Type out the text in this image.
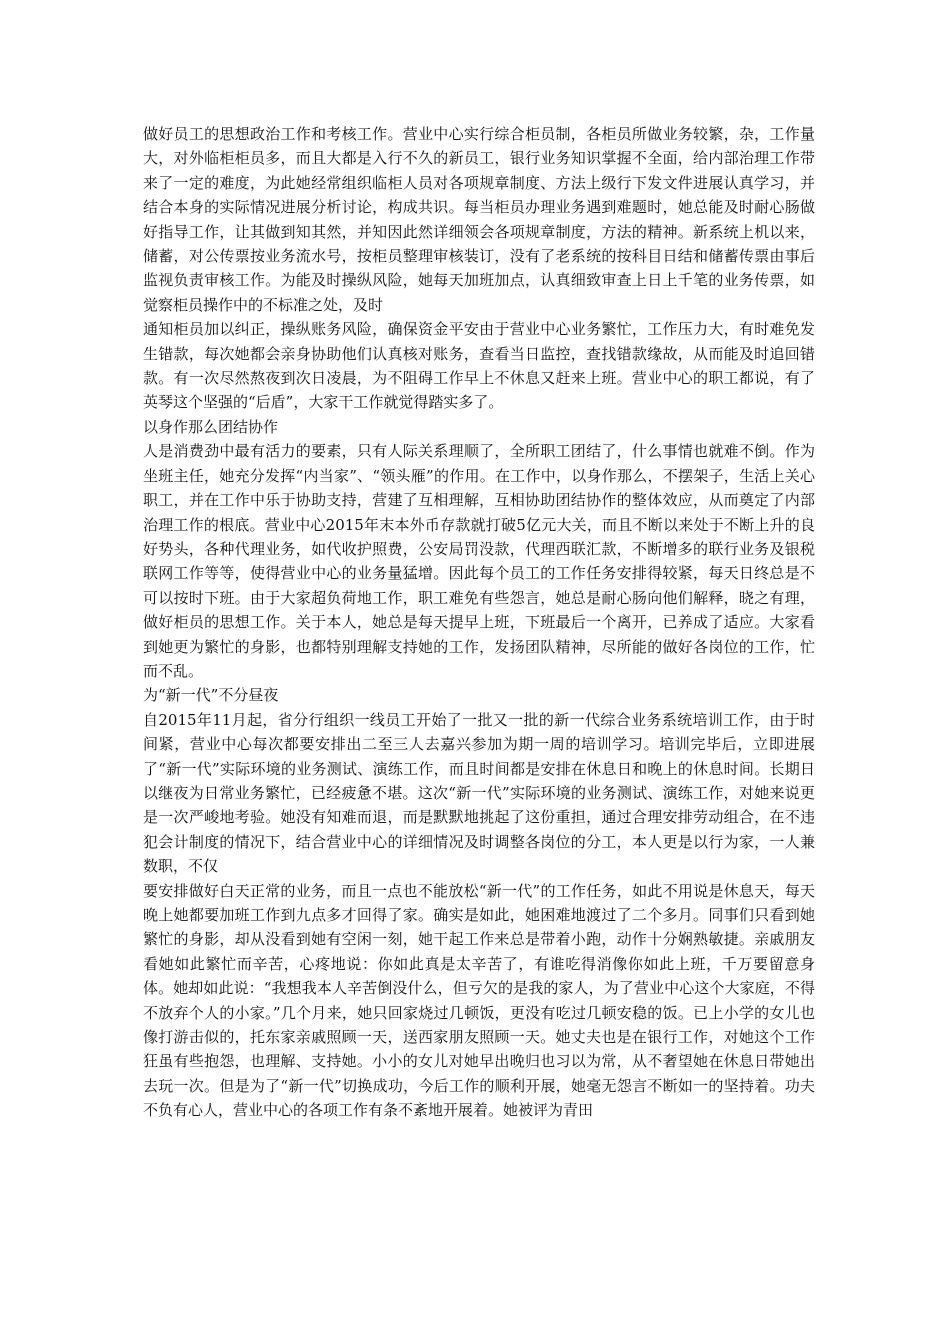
做好员工的思想政治工作和考核工作。营业中心实行综合柜员制，各柜员所做业务较繁，杂，工作量大，对外临柜柜员多，而且大都是入行不久的新员工，银行业务知识掌握不全面，给内部治理工作带来了一定的难度，为此她经常组织临柜人员对各项规章制度、方法上级行下发文件进展认真学习，并结合本身的实际情况进展分析讨论，构成共识。每当柜员办理业务遇到难题时，她总能及时耐心肠做好指导工作，让其做到知其然，并知因此然详细领会各项规章制度，方法的精神。新系统上机以来，储蓄，对公传票按业务流水号，按柜员整理审核装订，没有了老系统的按科目日结和储蓄传票由事后监视负责审核工作。为能及时操纵风险，她每天加班加点，认真细致审查上日上千笔的业务传票，如觉察柜员操作中的不标准之处，及时

通知柜员加以纠正，操纵账务风险，确保资金平安由于营业中心业务繁忙，工作压力大，有时难免发生错款，每次她都会亲身协助他们认真核对账务，查看当日监控，查找错款缘故，从而能及时追回错款。有一次尽然熬夜到次日凌晨，为不阻碍工作早上不休息又赶来上班。营业中心的职工都说，有了英琴这个坚强的“后盾”，大家干工作就觉得踏实多了。

以身作那么团结协作

人是消费劲中最有活力的要素，只有人际关系理顺了，全所职工团结了，什么事情也就难不倒。作为坐班主任，她充分发挥“内当家”、“领头雁”的作用。在工作中，以身作那么，不摆架子，生活上关心职工，并在工作中乐于协助支持，营建了互相理解，互相协助团结协作的整体效应，从而奠定了内部治理工作的根底。营业中心2015年末本外币存款就打破5亿元大关，而且不断以来处于不断上升的良好势头，各种代理业务，如代收护照费，公安局罚没款，代理西联汇款，不断增多的联行业务及银税联网工作等等，使得营业中心的业务量猛增。因此每个员工的工作任务安排得较紧，每天日终总是不可以按时下班。由于大家超负荷地工作，职工难免有些怨言，她总是耐心肠向他们解释，晓之有理，做好柜员的思想工作。关于本人，她总是每天提早上班，下班最后一个离开，已养成了适应。大家看到她更为繁忙的身影，也都特别理解支持她的工作，发扬团队精神，尽所能的做好各岗位的工作，忙而不乱。

为“新一代”不分昼夜

自2015年11月起，省分行组织一线员工开始了一批又一批的新一代综合业务系统培训工作，由于时间紧，营业中心每次都要安排出二至三人去嘉兴参加为期一周的培训学习。培训完毕后，立即进展了“新一代”实际环境的业务测试、演练工作，而且时间都是安排在休息日和晚上的休息时间。长期日以继夜为日常业务繁忙，已经疲惫不堪。这次“新一代”实际环境的业务测试、演练工作，对她来说更是一次严峻地考验。她没有知难而退，而是默默地挑起了这份重担，通过合理安排劳动组合，在不违犯会计制度的情况下，结合营业中心的详细情况及时调整各岗位的分工，本人更是以行为家，一人兼数职，不仅

要安排做好白天正常的业务，而且一点也不能放松“新一代”的工作任务，如此不用说是休息天，每天晚上她都要加班工作到九点多才回得了家。确实是如此，她困难地渡过了二个多月。同事们只看到她繁忙的身影，却从没看到她有空闲一刻，她干起工作来总是带着小跑，动作十分娴熟敏捷。亲戚朋友看她如此繁忙而辛苦，心疼地说：你如此真是太辛苦了，有谁吃得消像你如此上班，千万要留意身体。她却如此说：“我想我本人辛苦倒没什么，但亏欠的是我的家人，为了营业中心这个大家庭，不得不放弃个人的小家。”几个月来，她只回家烧过几顿饭，更没有吃过几顿安稳的饭。已上小学的女儿也像打游击似的，托东家亲戚照顾一天，送西家朋友照顾一天。她丈夫也是在银行工作，对她这个工作狂虽有些抱怨，也理解、支持她。小小的女儿对她早出晚归也习以为常，从不奢望她在休息日带她出去玩一次。但是为了“新一代”切换成功，今后工作的顺利开展，她毫无怨言不断如一的坚持着。功夫不负有心人，营业中心的各项工作有条不紊地开展着。她被评为青田
